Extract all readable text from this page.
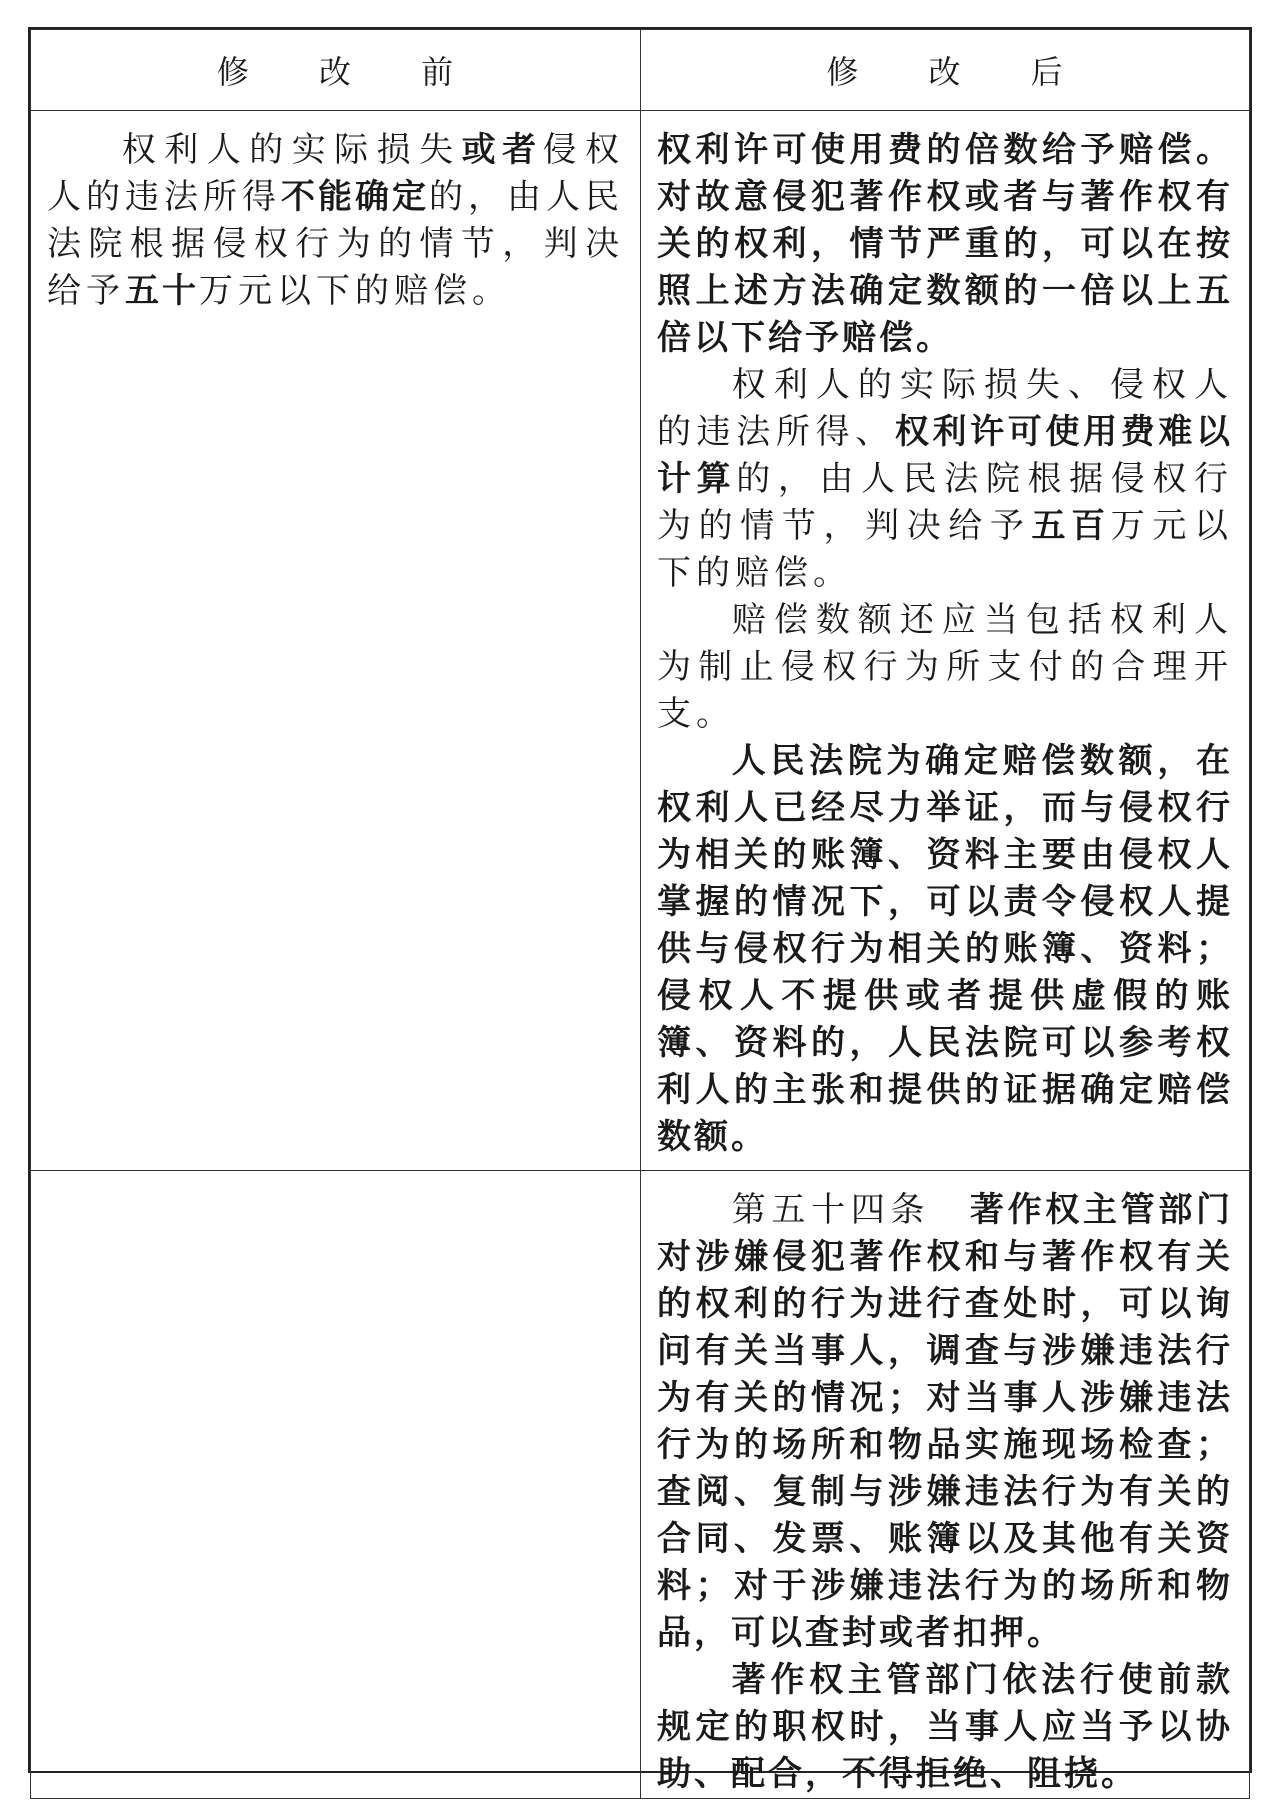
修 改 前	修 改 后

权利人的实际损失或者侵权人的违法所得不能确定的，由人民法院根据侵权行为的情节，判决给予五十万元以下的赔偿。	权利许可使用费的倍数给予赔偿。对故意侵犯著作权或者与著作权有关的权利，情节严重的，可以在按照上述方法确定数额的一倍以上五倍以下给予赔偿。

权利人的实际损失、侵权人的违法所得、权利许可使用费难以计算的，由人民法院根据侵权行为的情节，判决给予五百万元以下的赔偿。

赔偿数额还应当包括权利人为制止侵权行为所支付的合理开支。

人民法院为确定赔偿数额，在权利人已经尽力举证，而与侵权行为相关的账簿、资料主要由侵权人掌握的情况下，可以责令侵权人提供与侵权行为相关的账簿、资料；侵权人不提供或者提供虚假的账簿、资料的，人民法院可以参考权利人的主张和提供的证据确定赔偿数额。

	第五十四条　著作权主管部门对涉嫌侵犯著作权和与著作权有关的权利的行为进行查处时，可以询问有关当事人，调查与涉嫌违法行为有关的情况；对当事人涉嫌违法行为的场所和物品实施现场检查；查阅、复制与涉嫌违法行为有关的合同、发票、账簿以及其他有关资料；对于涉嫌违法行为的场所和物品，可以查封或者扣押。

著作权主管部门依法行使前款规定的职权时，当事人应当予以协助、配合，不得拒绝、阻挠。
